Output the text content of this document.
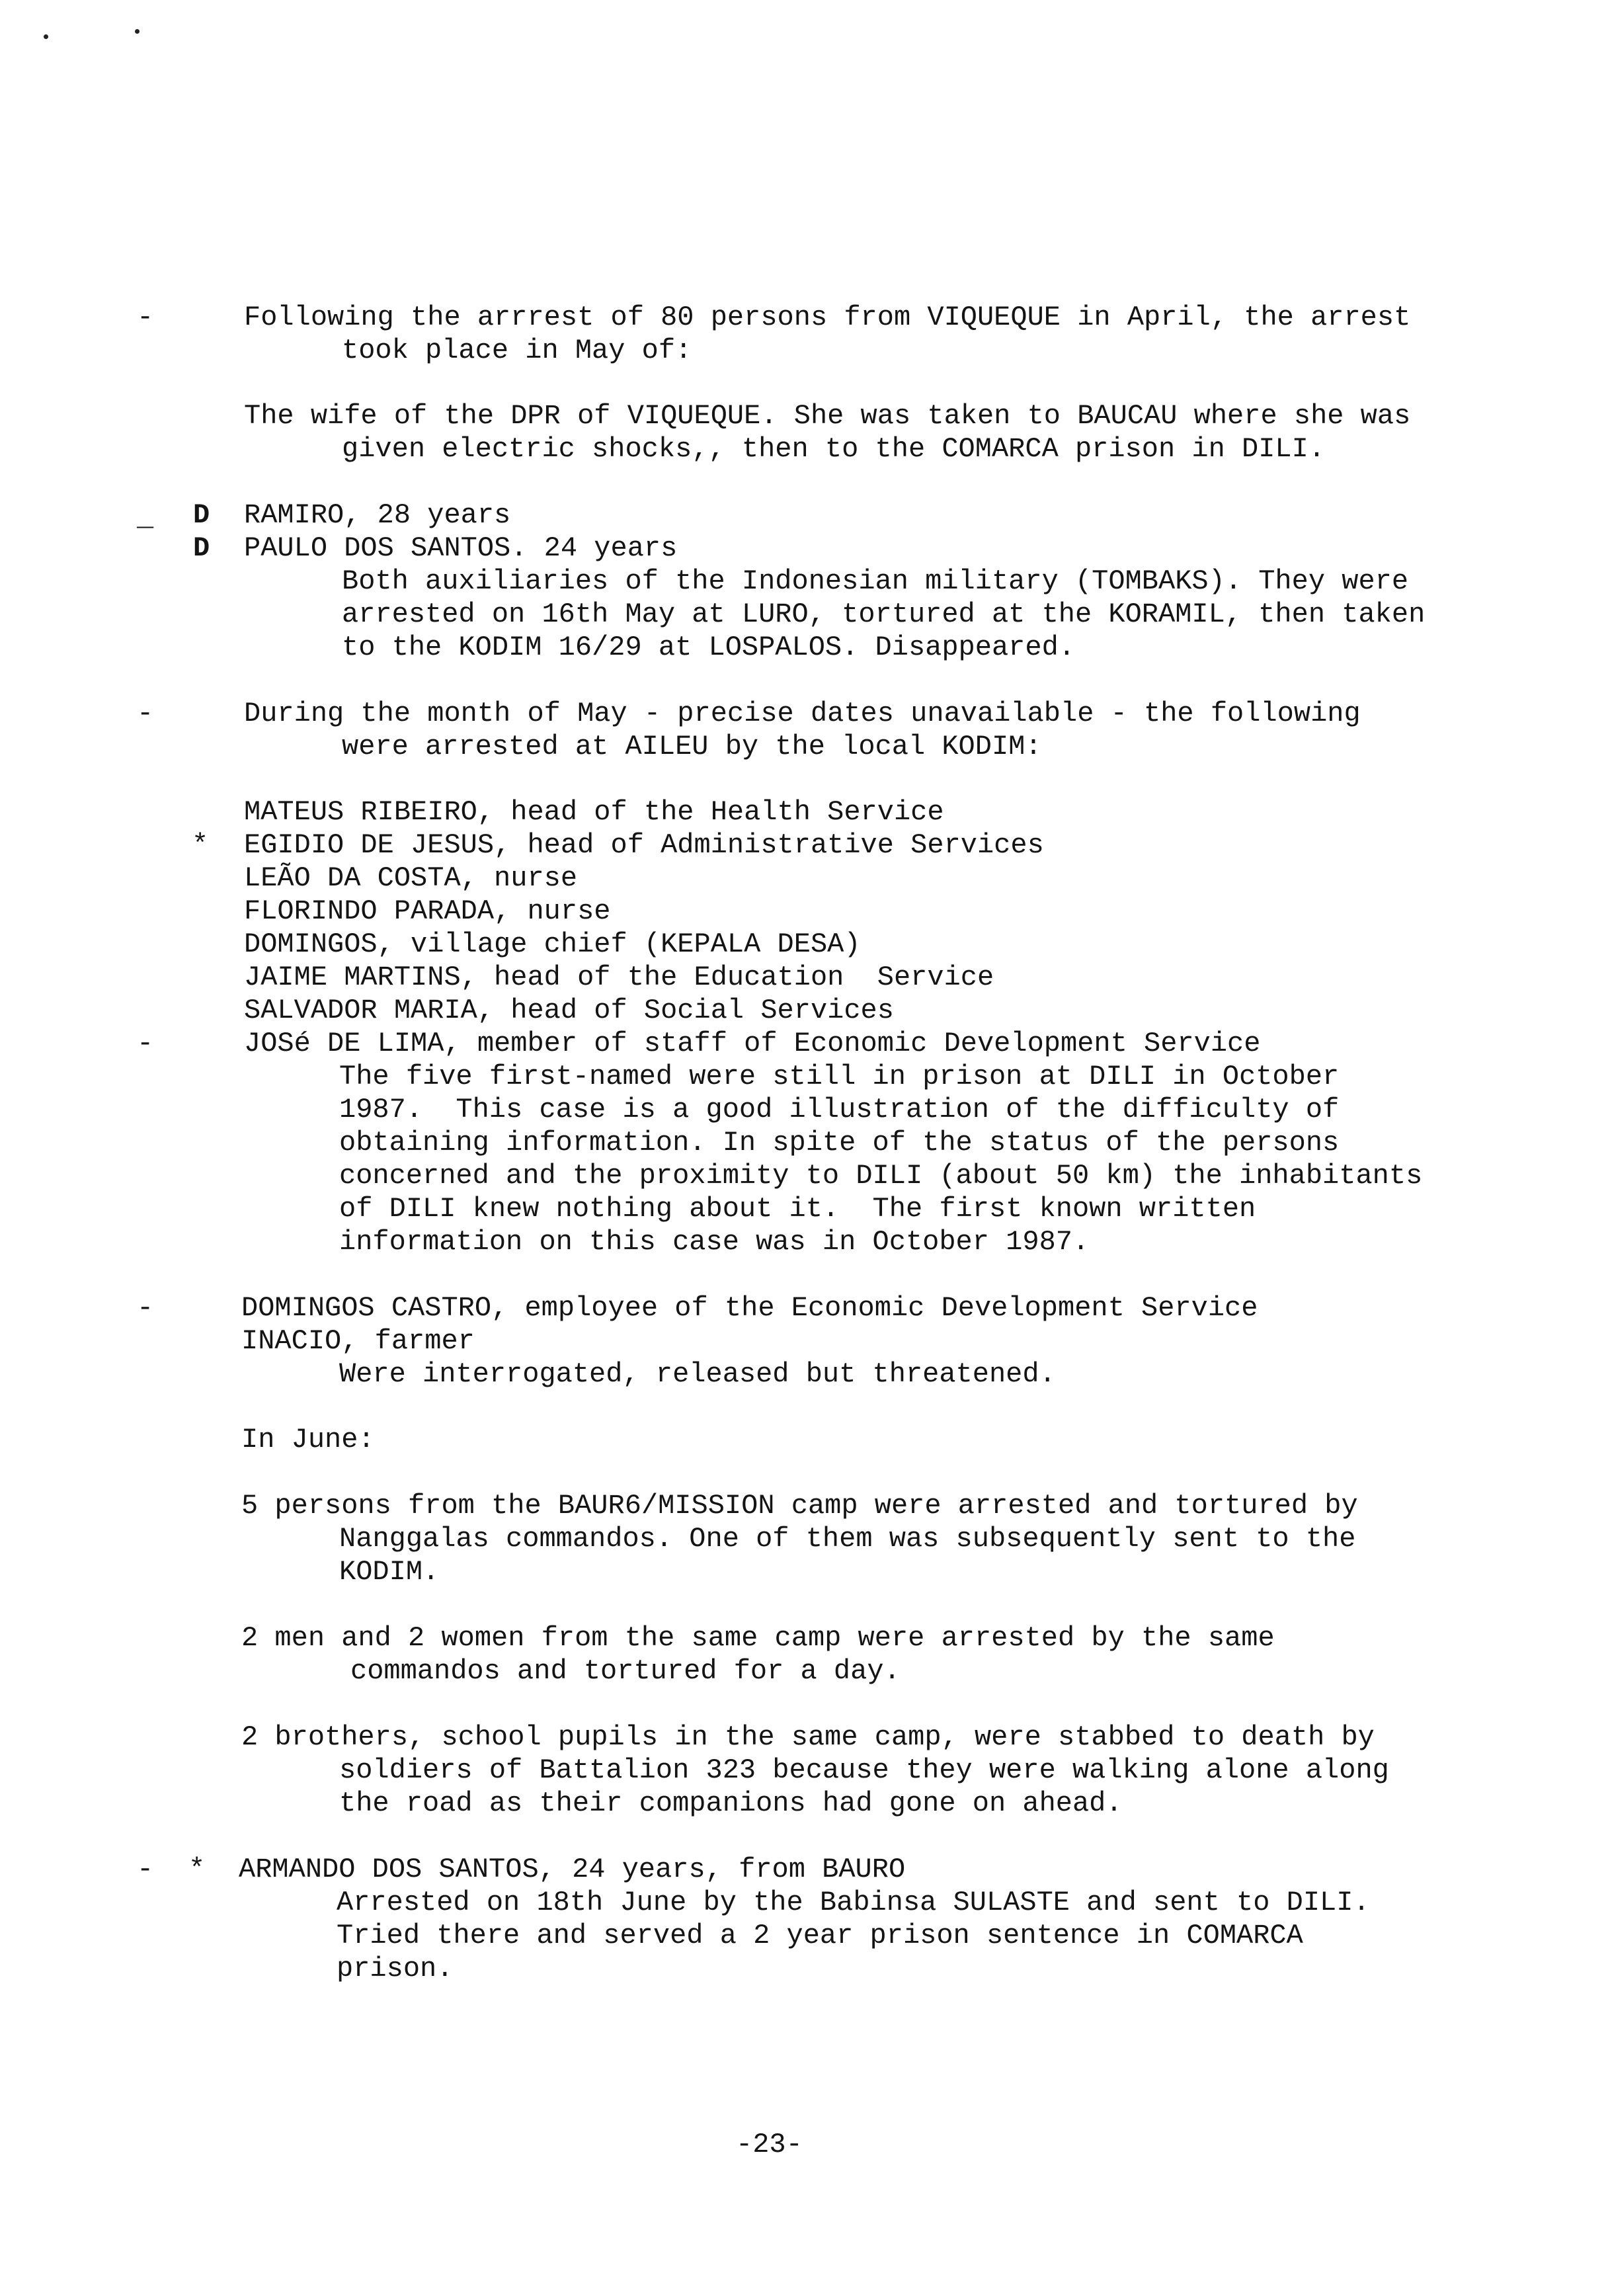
-	Following the arrrest of 80 persons from VIQUEQUE in April, the arrest
took place in May of:
The wife of the DPR of VIQUEQUE. She was taken to BAUCAU where she was
given electric shocks,, then to the COMARCA prison in DILI.
_ D
D
RAMIRO, 28 years
PAULO DOS SANTOS. 24 years
Both auxiliaries of the Indonesian military (TOMBAKS). They were
arrested on 16th May at LURO, tortured at the KORAMIL, then taken
to the KODIM 16/29 at LOSPALOS. Disappeared.
-	During the month of May - precise dates unavailable - the following
were arrested at AILEU by the local KODIM:
*
-
MATEUS RIBEIRO, head of the Health Service
EGIDIO DE JESUS, head of Administrative Services
LEÃO DA COSTA, nurse
FLORINDO PARADA, nurse
DOMINGOS, village chief (KEPALA DESA)
JAIME MARTINS, head of the Education  Service
SALVADOR MARIA, head of Social Services
JOSé DE LIMA, member of staff of Economic Development Service
The five first-named were still in prison at DILI in October
1987.  This case is a good illustration of the difficulty of
obtaining information. In spite of the status of the persons
concerned and the proximity to DILI (about 50 km) the inhabitants
of DILI knew nothing about it.  The first known written
information on this case was in October 1987.
-	DOMINGOS CASTRO, employee of the Economic Development Service
INACIO, farmer
Were interrogated, released but threatened.
In June:
5 persons from the BAUR6/MISSION camp were arrested and tortured by
Nanggalas commandos. One of them was subsequently sent to the
KODIM.
2 men and 2 women from the same camp were arrested by the same
commandos and tortured for a day.
2 brothers, school pupils in the same camp, were stabbed to death by
soldiers of Battalion 323 because they were walking alone along
the road as their companions had gone on ahead.
- * ARMANDO DOS SANTOS, 24 years, from BAURO
Arrested on 18th June by the Babinsa SULASTE and sent to DILI.
Tried there and served a 2 year prison sentence in COMARCA
prison.
-23-
